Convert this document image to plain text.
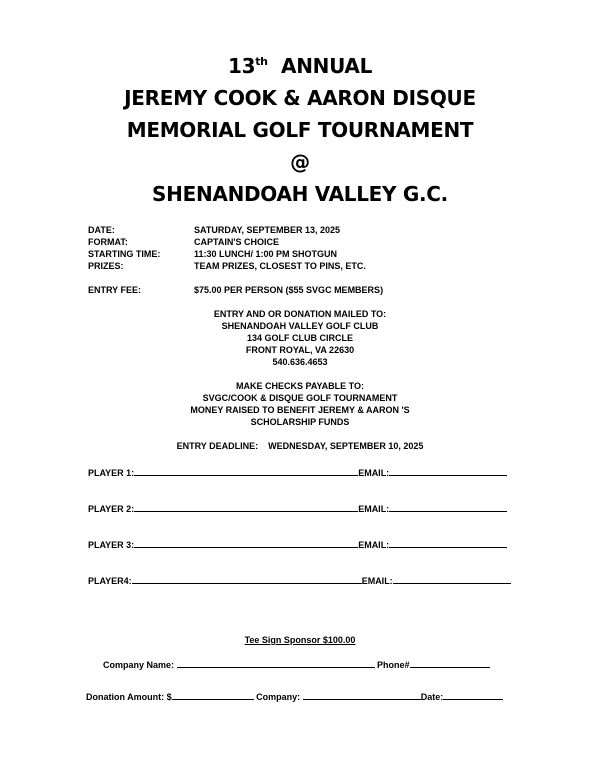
13th ANNUAL
JEREMY COOK & AARON DISQUE
MEMORIAL GOLF TOURNAMENT
@
SHENANDOAH VALLEY G.C.
DATE:	SATURDAY, SEPTEMBER 13, 2025
FORMAT:	CAPTAIN'S CHOICE
STARTING TIME:	11:30 LUNCH/ 1:00 PM SHOTGUN
PRIZES:	TEAM PRIZES, CLOSEST TO PINS, ETC.
ENTRY FEE:	$75.00 PER PERSON ($55 SVGC MEMBERS)
ENTRY AND OR DONATION MAILED TO:
SHENANDOAH VALLEY GOLF CLUB
134 GOLF CLUB CIRCLE
FRONT ROYAL, VA 22630
540.636.4653
MAKE CHECKS PAYABLE TO:
SVGC/COOK & DISQUE GOLF TOURNAMENT
MONEY RAISED TO BENEFIT JEREMY & AARON 'S
SCHOLARSHIP FUNDS
ENTRY DEADLINE: WEDNESDAY, SEPTEMBER 10, 2025
PLAYER 1:	EMAIL:
PLAYER 2:	EMAIL:
PLAYER 3:	EMAIL:
PLAYER4:	EMAIL:
Tee Sign Sponsor $100.00
Company Name:	Phone#
Donation Amount: $	Company:	Date:
